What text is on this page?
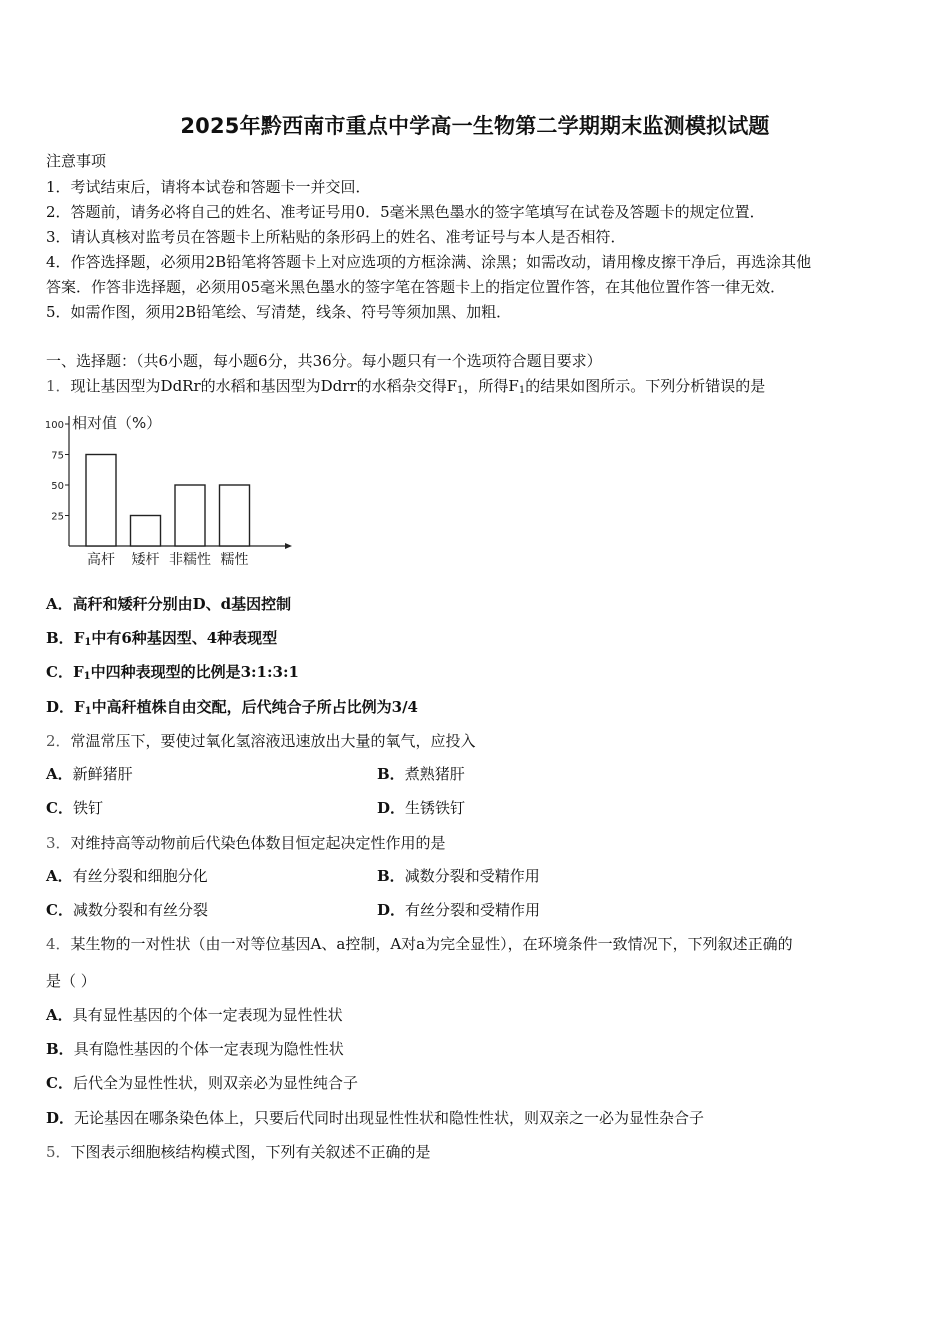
2025年黔西南市重点中学高一生物第二学期期末监测模拟试题
注意事项
1．考试结束后，请将本试卷和答题卡一并交回．
2．答题前，请务必将自己的姓名、准考证号用0．5毫米黑色墨水的签字笔填写在试卷及答题卡的规定位置．
3．请认真核对监考员在答题卡上所粘贴的条形码上的姓名、准考证号与本人是否相符．
4．作答选择题，必须用2B铅笔将答题卡上对应选项的方框涂满、涂黑；如需改动，请用橡皮擦干净后，再选涂其他
答案．作答非选择题，必须用05毫米黑色墨水的签字笔在答题卡上的指定位置作答，在其他位置作答一律无效．
5．如需作图，须用2B铅笔绘、写清楚，线条、符号等须加黑、加粗．
一、选择题：（共6小题，每小题6分，共36分。每小题只有一个选项符合题目要求）
1．现让基因型为DdRr的水稻和基因型为Ddrr的水稻杂交得$F_1$，所得$F_1$的结果如图所示。下列分析错误的是
相对值（%）
100
75
50
25
高杆 矮杆 非糯性 糯性
A．高秆和矮秆分别由D、d基因控制
B．$F_1$中有6种基因型、4种表现型
C．$F_1$中四种表现型的比例是3:1:3:1
D．$F_1$中高秆植株自由交配，后代纯合子所占比例为3/4
2．常温常压下，要使过氧化氢溶液迅速放出大量的氧气，应投入
A．新鲜猪肝	B．煮熟猪肝
C．铁钉	D．生锈铁钉
3．对维持高等动物前后代染色体数目恒定起决定性作用的是
A．有丝分裂和细胞分化	B．减数分裂和受精作用
C．减数分裂和有丝分裂	D．有丝分裂和受精作用
4．某生物的一对性状（由一对等位基因A、a控制，A对a为完全显性），在环境条件一致情况下，下列叙述正确的
是（ ）
A．具有显性基因的个体一定表现为显性性状
B．具有隐性基因的个体一定表现为隐性性状
C．后代全为显性性状，则双亲必为显性纯合子
D．无论基因在哪条染色体上，只要后代同时出现显性性状和隐性性状，则双亲之一必为显性杂合子
5．下图表示细胞核结构模式图，下列有关叙述不正确的是
